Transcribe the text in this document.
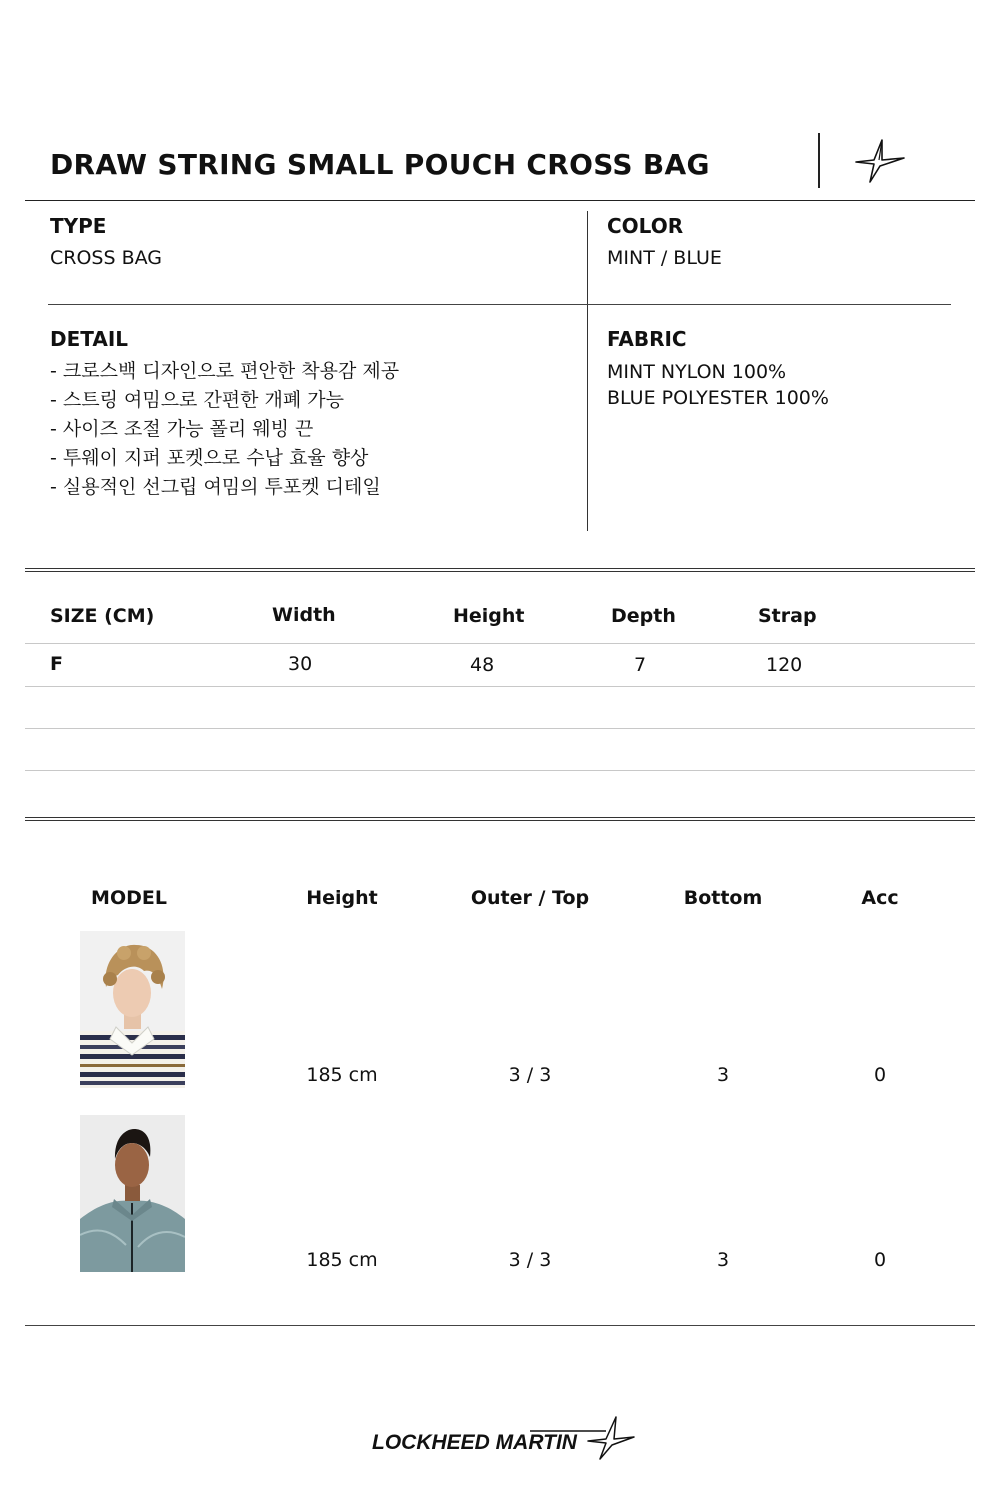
DRAW STRING SMALL POUCH CROSS BAG
TYPE
CROSS BAG
COLOR
MINT / BLUE
DETAIL
- 크로스백 디자인으로 편안한 착용감 제공
- 스트링 여밈으로 간편한 개폐 가능
- 사이즈 조절 가능 폴리 웨빙 끈
- 투웨이 지퍼 포켓으로 수납 효율 향상
- 실용적인 선그립 여밈의 투포켓 디테일
FABRIC
MINT NYLON 100%
BLUE POLYESTER 100%
SIZE (CM)	Width	Height	Depth	Strap
F	30	48	7	120
MODEL	Height	Outer / Top	Bottom	Acc
185 cm	3 / 3	3	0
185 cm	3 / 3	3	0
LOCKHEED MARTIN
